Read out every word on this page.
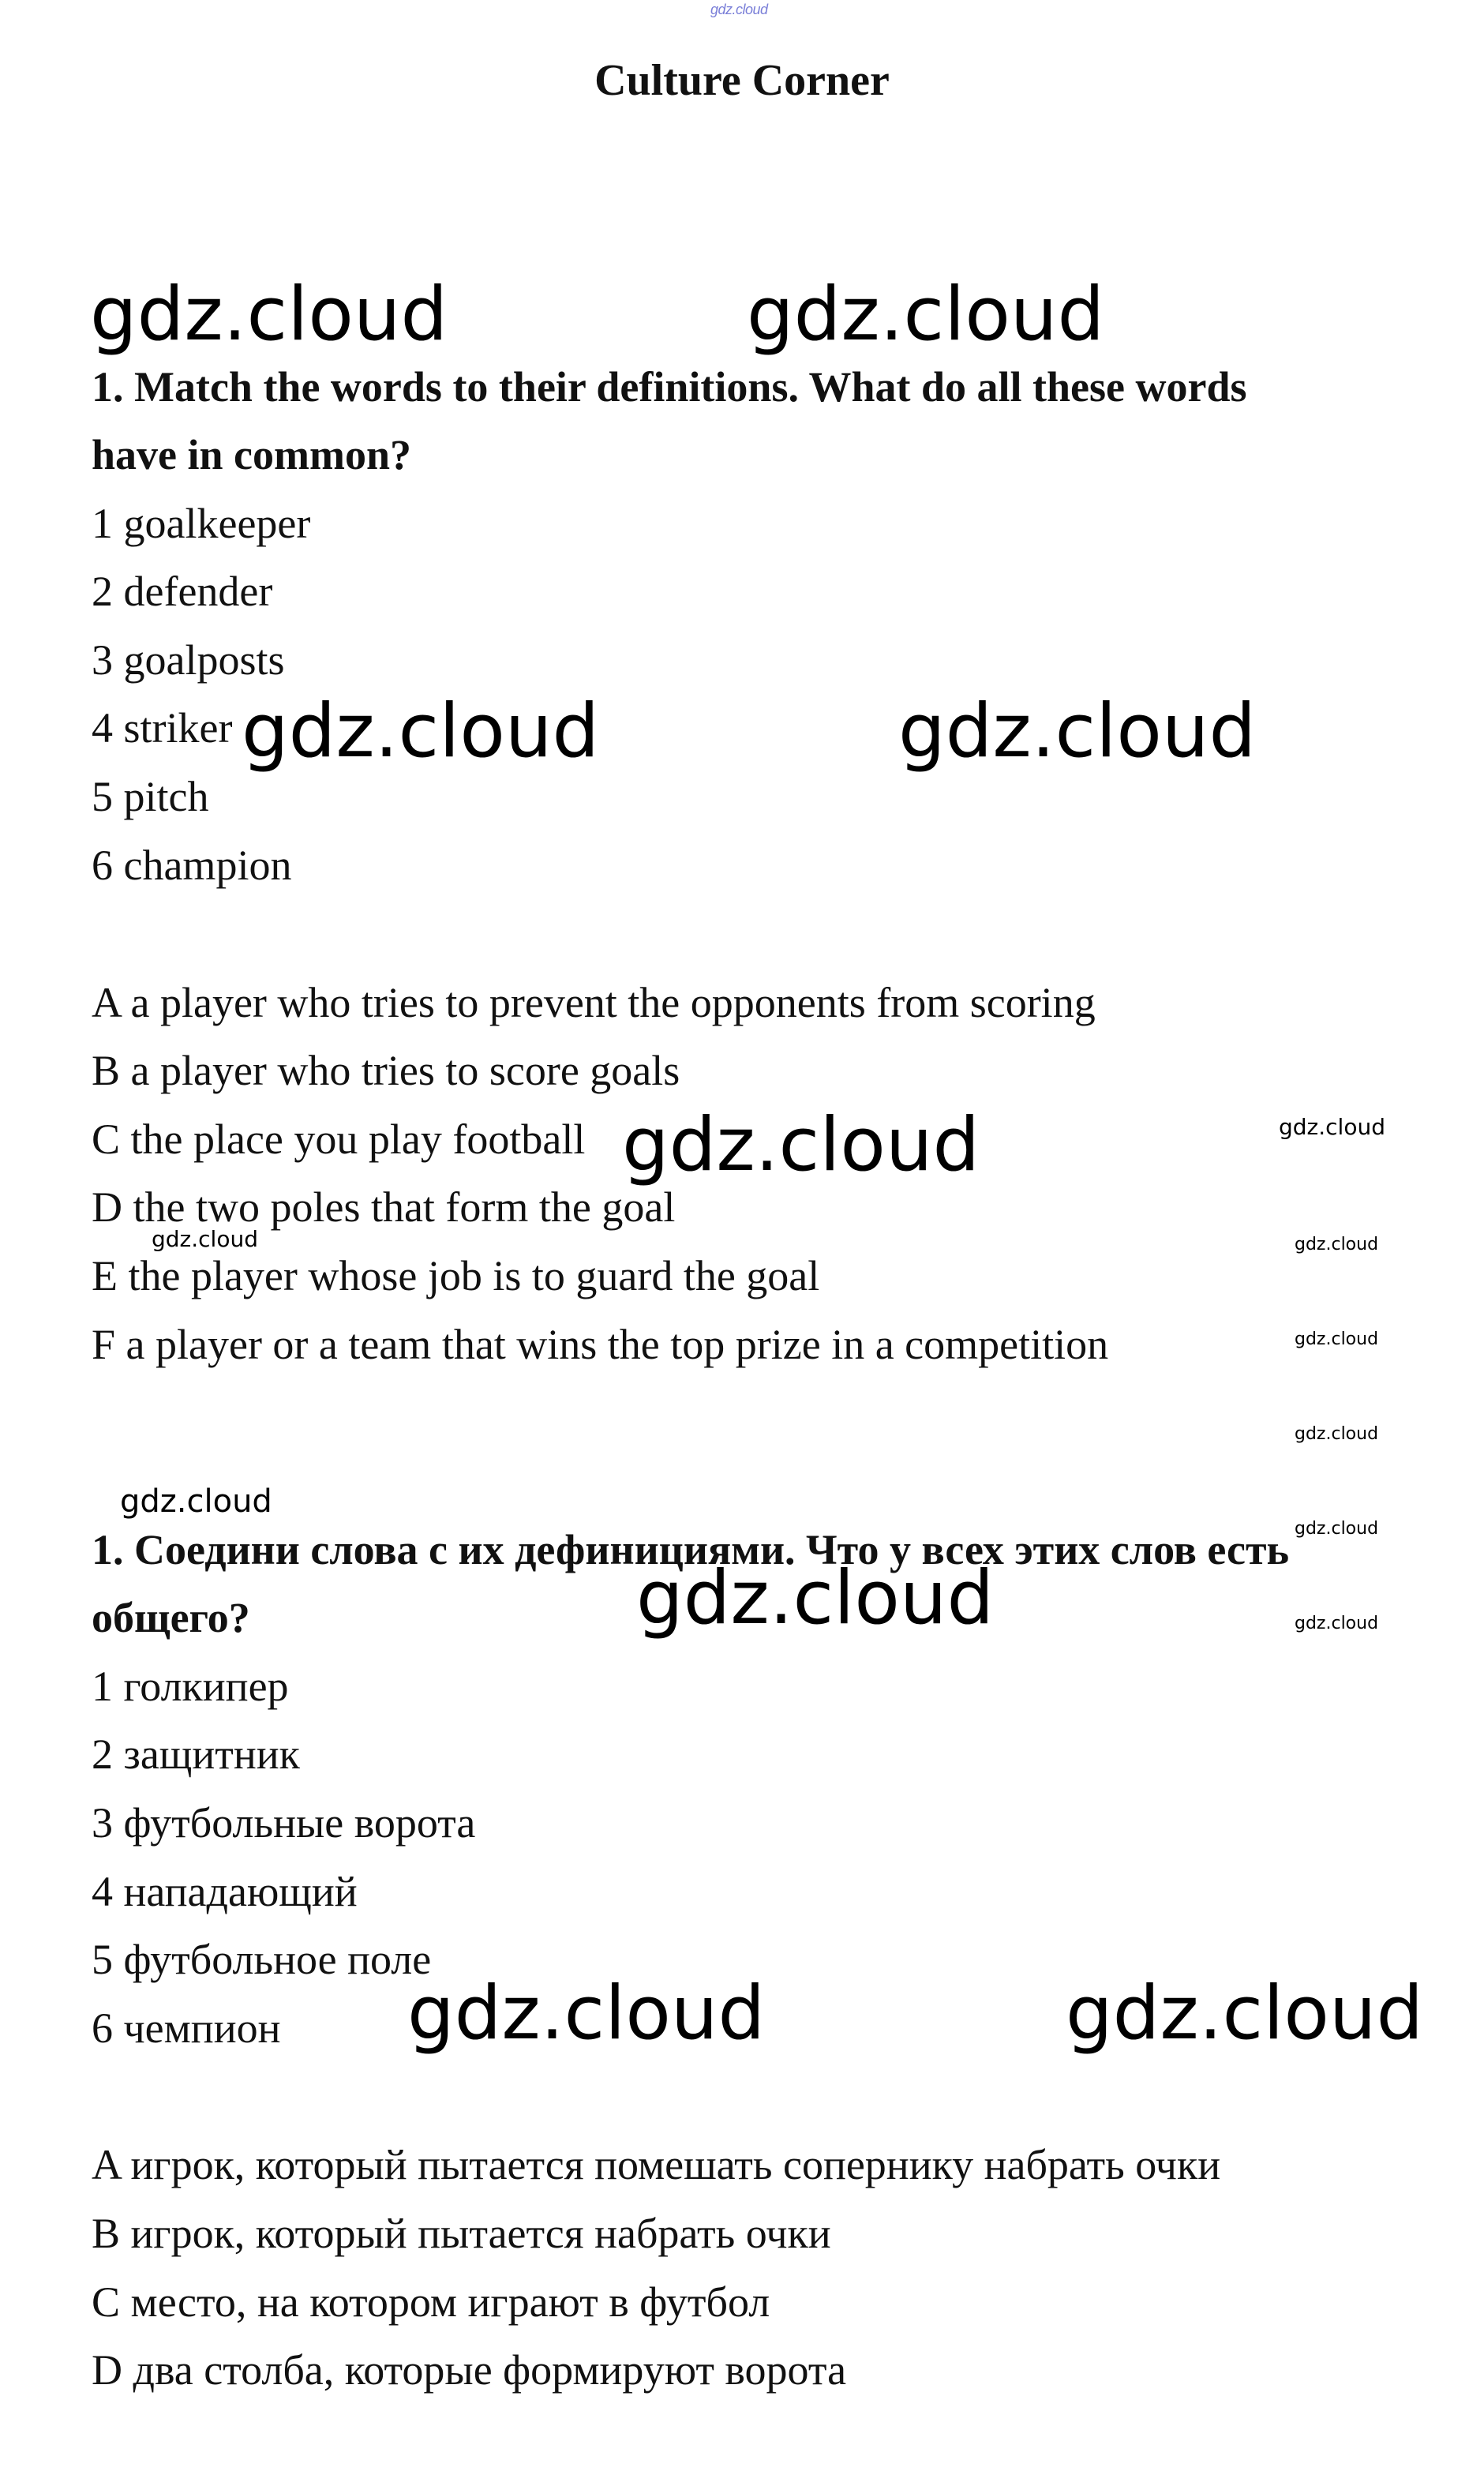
gdz.cloud
Culture Corner
1. Match the words to their definitions. What do all these words
have in common?
1 goalkeeper
2 defender
3 goalposts
4 striker
5 pitch
6 champion
A a player who tries to prevent the opponents from scoring
B a player who tries to score goals
C the place you play football
D the two poles that form the goal
E the player whose job is to guard the goal
F a player or a team that wins the top prize in a competition
1. Соедини слова с их дефинициями. Что у всех этих слов есть
общего?
1 голкипер
2 защитник
3 футбольные ворота
4 нападающий
5 футбольное поле
6 чемпион
A игрок, который пытается помешать сопернику набрать очки
B игрок, который пытается набрать очки
C место, на котором играют в футбол
D два столба, которые формируют ворота
gdz.cloud	gdz.cloud
gdz.cloud	gdz.cloud
gdz.cloud
gdz.cloud
gdz.cloud	gdz.cloud
gdz.cloud
gdz.cloud
gdz.cloud
gdz.cloud
gdz.cloud
gdz.cloud
gdz.cloud
gdz.cloud
